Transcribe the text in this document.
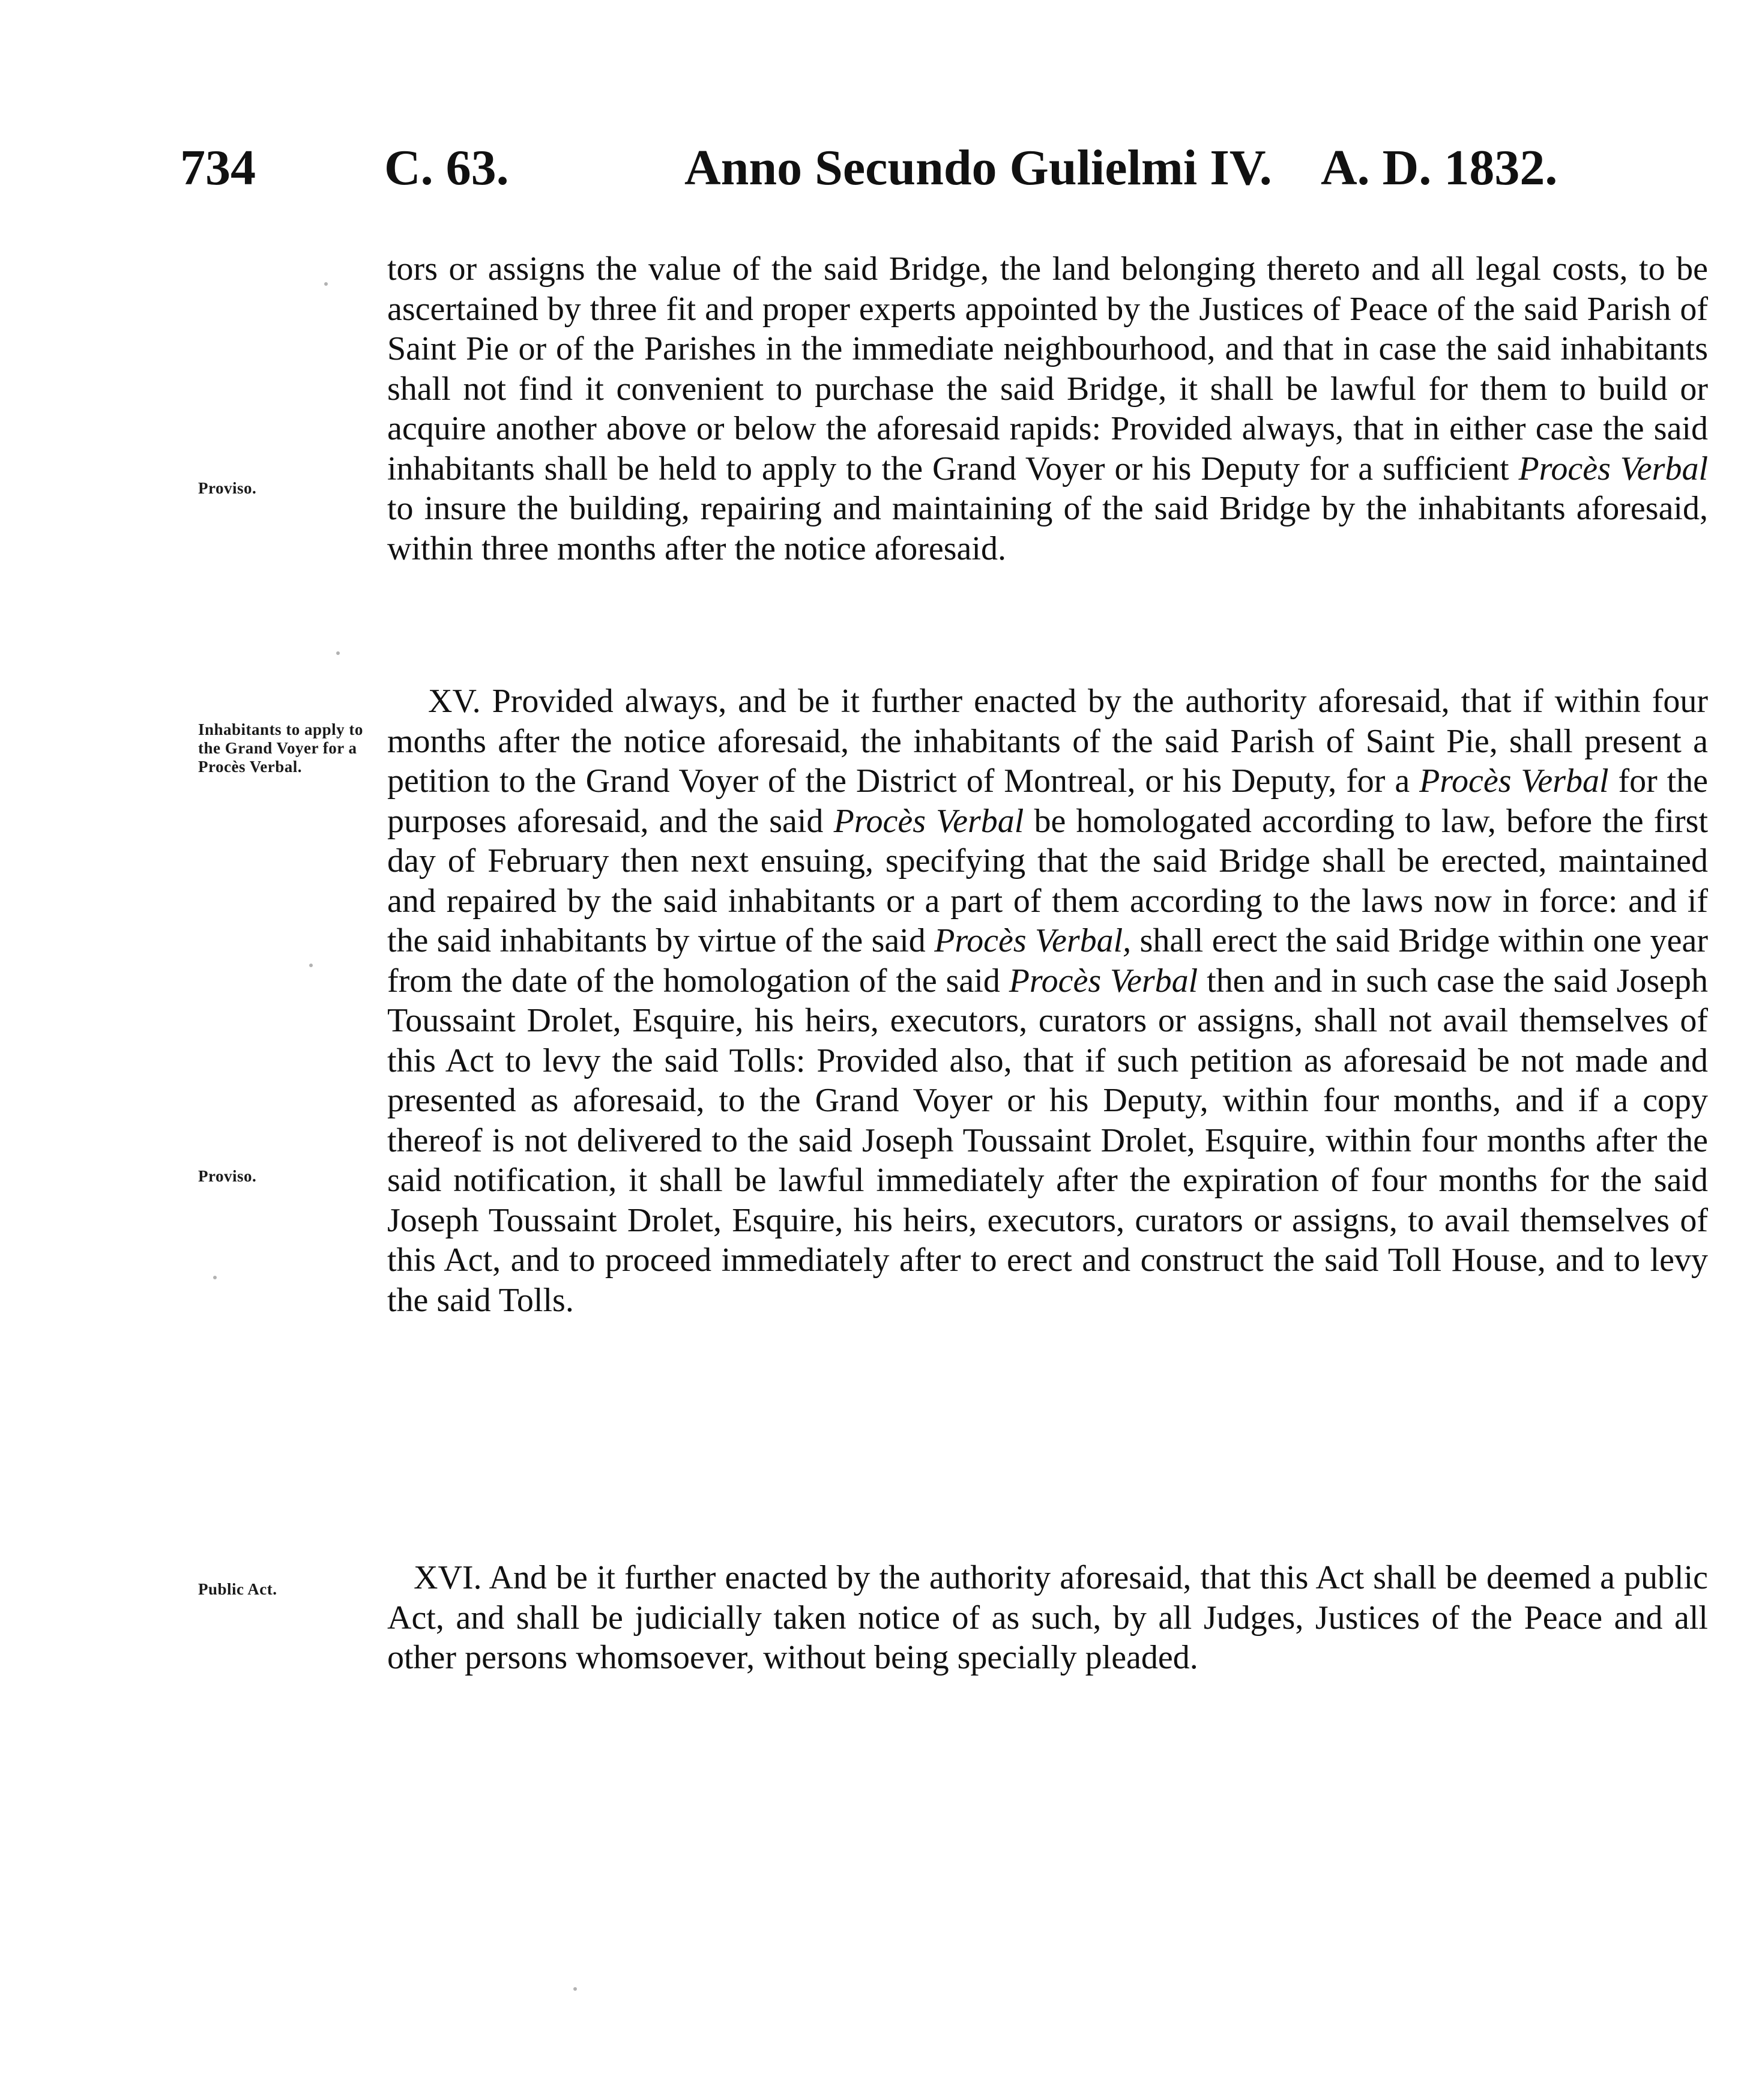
734	C. 63.	Anno Secundo Gulielmi IV. A. D. 1832.
Proviso.
Inhabitants to apply to the Grand Voyer for a Procès Verbal.
Proviso.
Public Act.

tors or assigns the value of the said Bridge, the land belonging thereto and all legal costs, to be ascertained by three fit and proper experts appointed by the Justices of Peace of the said Parish of Saint Pie or of the Parishes in the immediate neighbourhood, and that in case the said inhabitants shall not find it convenient to purchase the said Bridge, it shall be lawful for them to build or acquire another above or below the aforesaid rapids: Provided always, that in either case the said inhabitants shall be held to apply to the Grand Voyer or his Deputy for a sufficient Procès Verbal to insure the building, repairing and maintaining of the said Bridge by the inhabitants aforesaid, within three months after the notice aforesaid.

XV. Provided always, and be it further enacted by the authority aforesaid, that if within four months after the notice aforesaid, the inhabitants of the said Parish of Saint Pie, shall present a petition to the Grand Voyer of the District of Montreal, or his Deputy, for a Procès Verbal for the purposes aforesaid, and the said Procès Verbal be homologated according to law, before the first day of February then next ensuing, specifying that the said Bridge shall be erected, maintained and repaired by the said inhabitants or a part of them according to the laws now in force: and if the said inhabitants by virtue of the said Procès Verbal, shall erect the said Bridge within one year from the date of the homologation of the said Procès Verbal then and in such case the said Joseph Toussaint Drolet, Esquire, his heirs, executors, curators or assigns, shall not avail themselves of this Act to levy the said Tolls: Provided also, that if such petition as aforesaid be not made and presented as aforesaid, to the Grand Voyer or his Deputy, within four months, and if a copy thereof is not delivered to the said Joseph Toussaint Drolet, Esquire, within four months after the said notification, it shall be lawful immediately after the expiration of four months for the said Joseph Toussaint Drolet, Esquire, his heirs, executors, curators or assigns, to avail themselves of this Act, and to proceed immediately after to erect and construct the said Toll House, and to levy the said Tolls.

XVI. And be it further enacted by the authority aforesaid, that this Act shall be deemed a public Act, and shall be judicially taken notice of as such, by all Judges, Justices of the Peace and all other persons whomsoever, without being specially pleaded.
